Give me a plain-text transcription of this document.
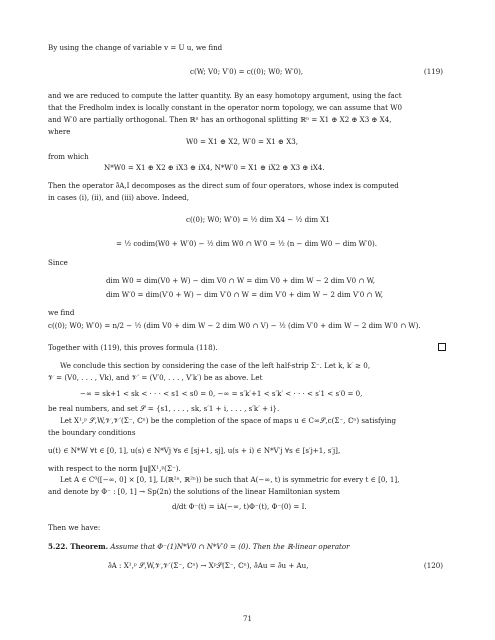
By using the change of variable v = U u, we find
c(W; V0; V′0) = c((0); W0; W′0),	(119)
and we are reduced to compute the latter quantity. By an easy homotopy argument, using the fact
that the Fredholm index is locally constant in the operator norm topology, we can assume that W0
and W′0 are partially orthogonal. Then ℝⁿ has an orthogonal splitting ℝⁿ = X1 ⊕ X2 ⊕ X3 ⊕ X4,
where
W0 = X1 ⊕ X2, W′0 = X1 ⊕ X3,
from which
N*W0 = X1 ⊕ X2 ⊕ iX3 ⊕ iX4, N*W′0 = X1 ⊕ iX2 ⊕ X3 ⊕ iX4.
Then the operator ∂̄A,I decomposes as the direct sum of four operators, whose index is computed
in cases (i), (ii), and (iii) above. Indeed,
c((0); W0; W′0) = ½ dim X4 − ½ dim X1
= ½ codim(W0 + W′0) − ½ dim W0 ∩ W′0 = ½ (n − dim W0 − dim W′0).
Since
dim W0 = dim(V0 + W) − dim V0 ∩ W = dim V0 + dim W − 2 dim V0 ∩ W,
dim W′0 = dim(V′0 + W) − dim V′0 ∩ W = dim V′0 + dim W − 2 dim V′0 ∩ W,
we find
c((0); W0; W′0) = n/2 − ½ (dim V0 + dim W − 2 dim W0 ∩ V) − ½ (dim V′0 + dim W − 2 dim W′0 ∩ W).
Together with (119), this proves formula (118).
We conclude this section by considering the case of the left half-strip Σ⁻. Let k, k′ ≥ 0,
𝒱 = (V0, . . . , Vk), and 𝒱′ = (V′0, . . . , V′k′) be as above. Let
−∞ = sk+1 < sk < · · · < s1 < s0 = 0, −∞ = s′k′+1 < s′k′ < · · · < s′1 < s′0 = 0,
be real numbers, and set 𝒮 = {s1, . . . , sk, s′1 + i, . . . , s′k′ + i}.
Let X¹,ᵖ 𝒮,W,𝒱,𝒱′(Σ⁻, ℂⁿ) be the completion of the space of maps u ∈ C∞𝒮,c(Σ⁻, ℂⁿ) satisfying
the boundary conditions
u(t) ∈ N*W ∀t ∈ [0, 1], u(s) ∈ N*Vj ∀s ∈ [sj+1, sj], u(s + i) ∈ N*V′j ∀s ∈ [s′j+1, s′j],
with respect to the norm ‖u‖X¹,ᵖ(Σ⁻).
Let A ∈ C⁰([−∞, 0] × [0, 1], L(ℝ²ⁿ, ℝ²ⁿ)) be such that A(−∞, t) is symmetric for every t ∈ [0, 1],
and denote by Φ⁻ : [0, 1] → Sp(2n) the solutions of the linear Hamiltonian system
d/dt Φ⁻(t) = iA(−∞, t)Φ⁻(t), Φ⁻(0) = I.
Then we have:
5.22. Theorem. Assume that Φ⁻(1)N*V0 ∩ N*V′0 = (0). Then the ℝ-linear operator
∂̄A : X¹,ᵖ 𝒮,W,𝒱,𝒱′(Σ⁻, ℂⁿ) → Xᵖ𝒮(Σ⁻, ℂⁿ), ∂̄Au = ∂̄u + Au,	(120)
71
